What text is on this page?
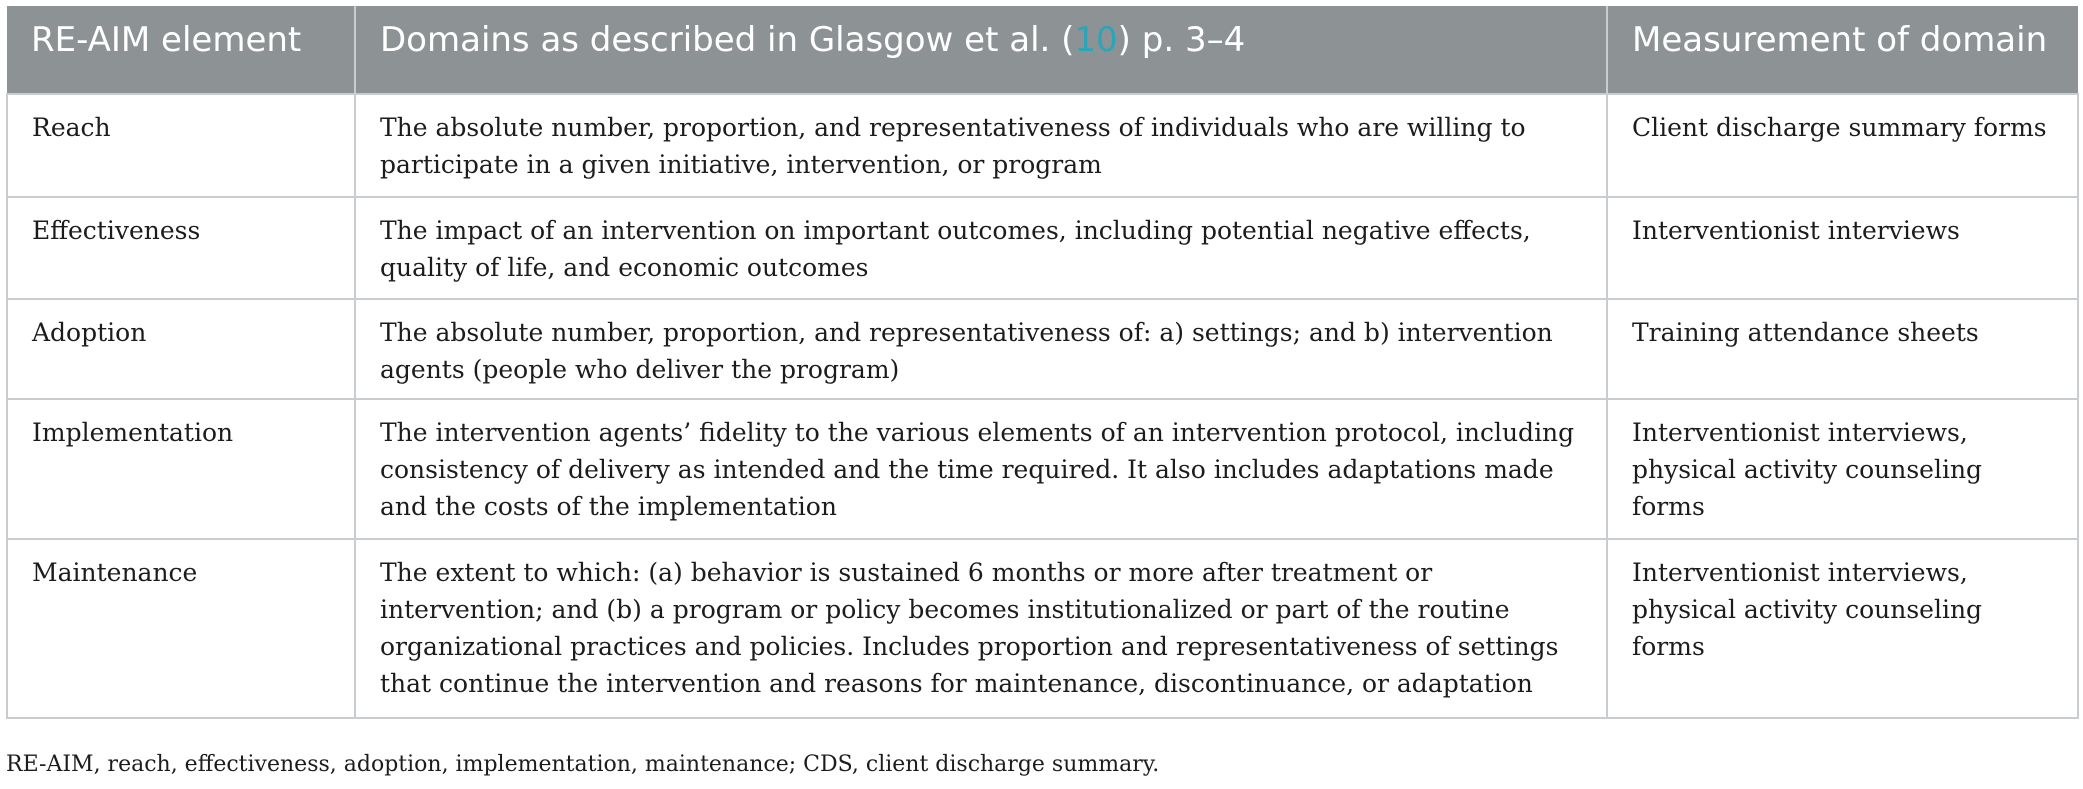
RE-AIM element	Domains as described in Glasgow et al. (10) p. 3–4	Measurement of domain
Reach	The absolute number, proportion, and representativeness of individuals who are willing to participate in a given initiative, intervention, or program	Client discharge summary forms
Effectiveness	The impact of an intervention on important outcomes, including potential negative effects, quality of life, and economic outcomes	Interventionist interviews
Adoption	The absolute number, proportion, and representativeness of: a) settings; and b) intervention agents (people who deliver the program)	Training attendance sheets
Implementation	The intervention agents’ fidelity to the various elements of an intervention protocol, including consistency of delivery as intended and the time required. It also includes adaptations made and the costs of the implementation	Interventionist interviews, physical activity counseling forms
Maintenance	The extent to which: (a) behavior is sustained 6 months or more after treatment or intervention; and (b) a program or policy becomes institutionalized or part of the routine organizational practices and policies. Includes proportion and representativeness of settings that continue the intervention and reasons for maintenance, discontinuance, or adaptation	Interventionist interviews, physical activity counseling forms
RE-AIM, reach, effectiveness, adoption, implementation, maintenance; CDS, client discharge summary.
